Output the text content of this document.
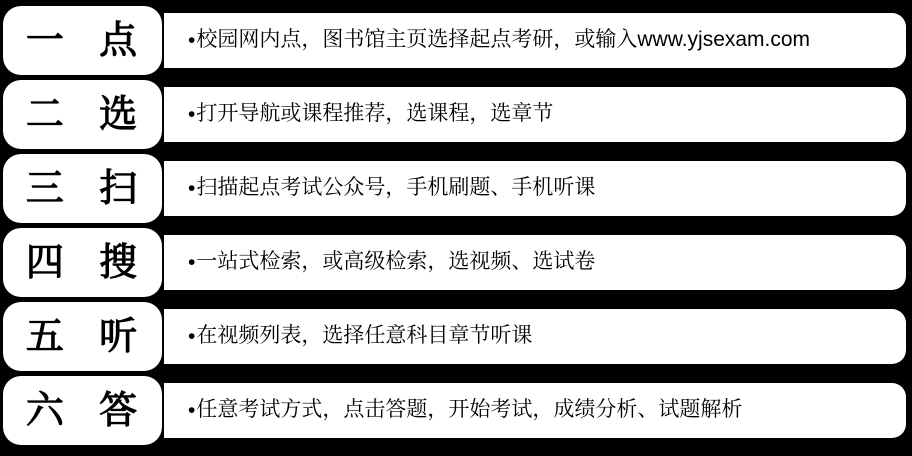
一 点 • 校园网内点，图书馆主页选择起点考研，或输入www.yjsexam.com
二 选 • 打开导航或课程推荐，选课程，选章节
三 扫 • 扫描起点考试公众号，手机刷题、手机听课
四 搜 • 一站式检索，或高级检索，选视频、选试卷
五 听 • 在视频列表，选择任意科目章节听课
六 答 • 任意考试方式，点击答题，开始考试，成绩分析、试题解析
